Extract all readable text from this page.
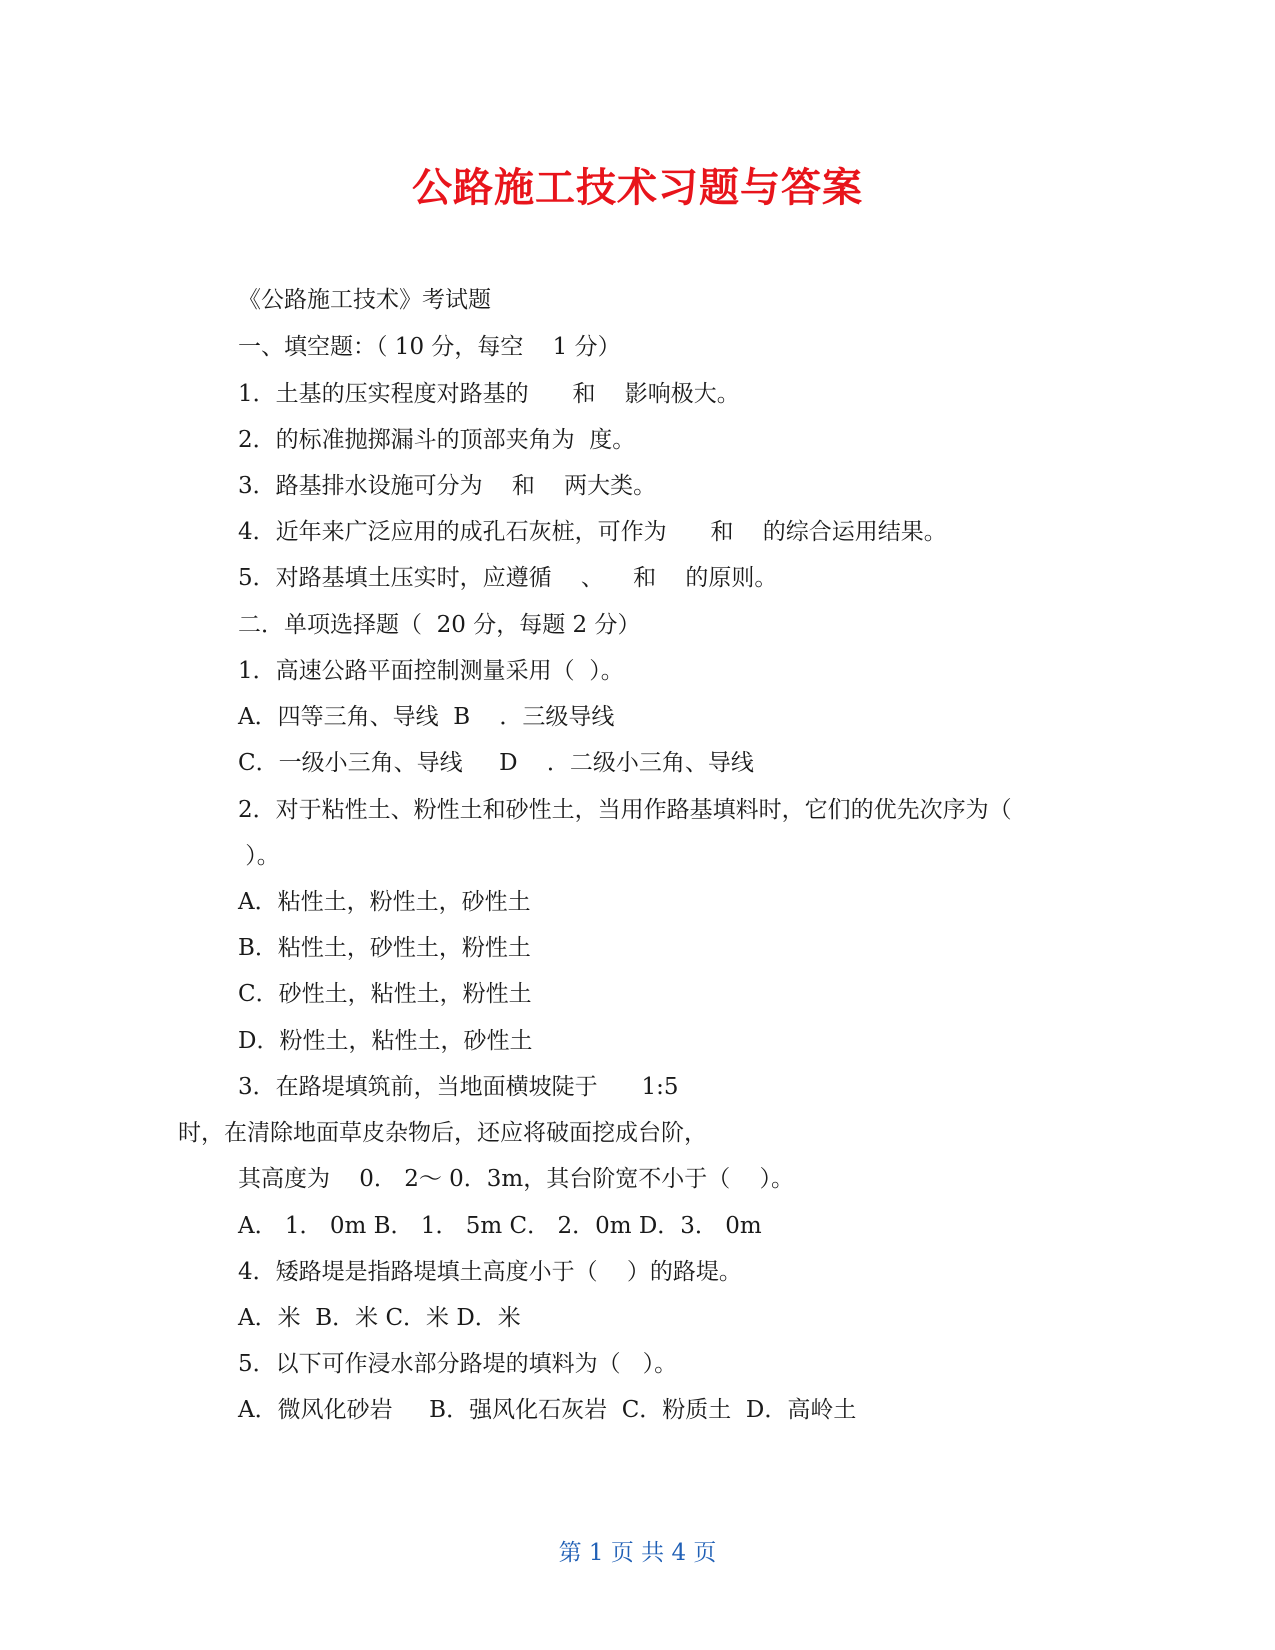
公路施工技术习题与答案
《公路施工技术》考试题
一、填空题：（ 10 分，每空    1 分）
1．土基的压实程度对路基的      和    影响极大。
2．的标准抛掷漏斗的顶部夹角为  度。
3．路基排水设施可分为    和    两大类。
4．近年来广泛应用的成孔石灰桩，可作为      和    的综合运用结果。
5．对路基填土压实时，应遵循    、    和    的原则。
二．单项选择题（  20 分，每题 2 分）
1．高速公路平面控制测量采用（  ）。
A．四等三角、导线  B    ．三级导线
C．一级小三角、导线     D    ．二级小三角、导线
2．对于粘性土、粉性土和砂性土，当用作路基填料时，它们的优先次序为（
）。
A．粘性土，粉性土，砂性土
B．粘性土，砂性土，粉性土
C．砂性土，粘性土，粉性土
D．粉性土，粘性土，砂性土
3．在路堤填筑前，当地面横坡陡于      1:5
时，在清除地面草皮杂物后，还应将破面挖成台阶，
其高度为    0． 2～ 0．3m，其台阶宽不小于（    ）。
A． 1． 0m B． 1． 5m C． 2．0m D．3． 0m
4．矮路堤是指路堤填土高度小于（    ）的路堤。
A．米  B．米 C．米 D．米
5．以下可作浸水部分路堤的填料为（   ）。
A．微风化砂岩     B．强风化石灰岩  C．粉质土  D．高岭土
第 1 页 共 4 页
